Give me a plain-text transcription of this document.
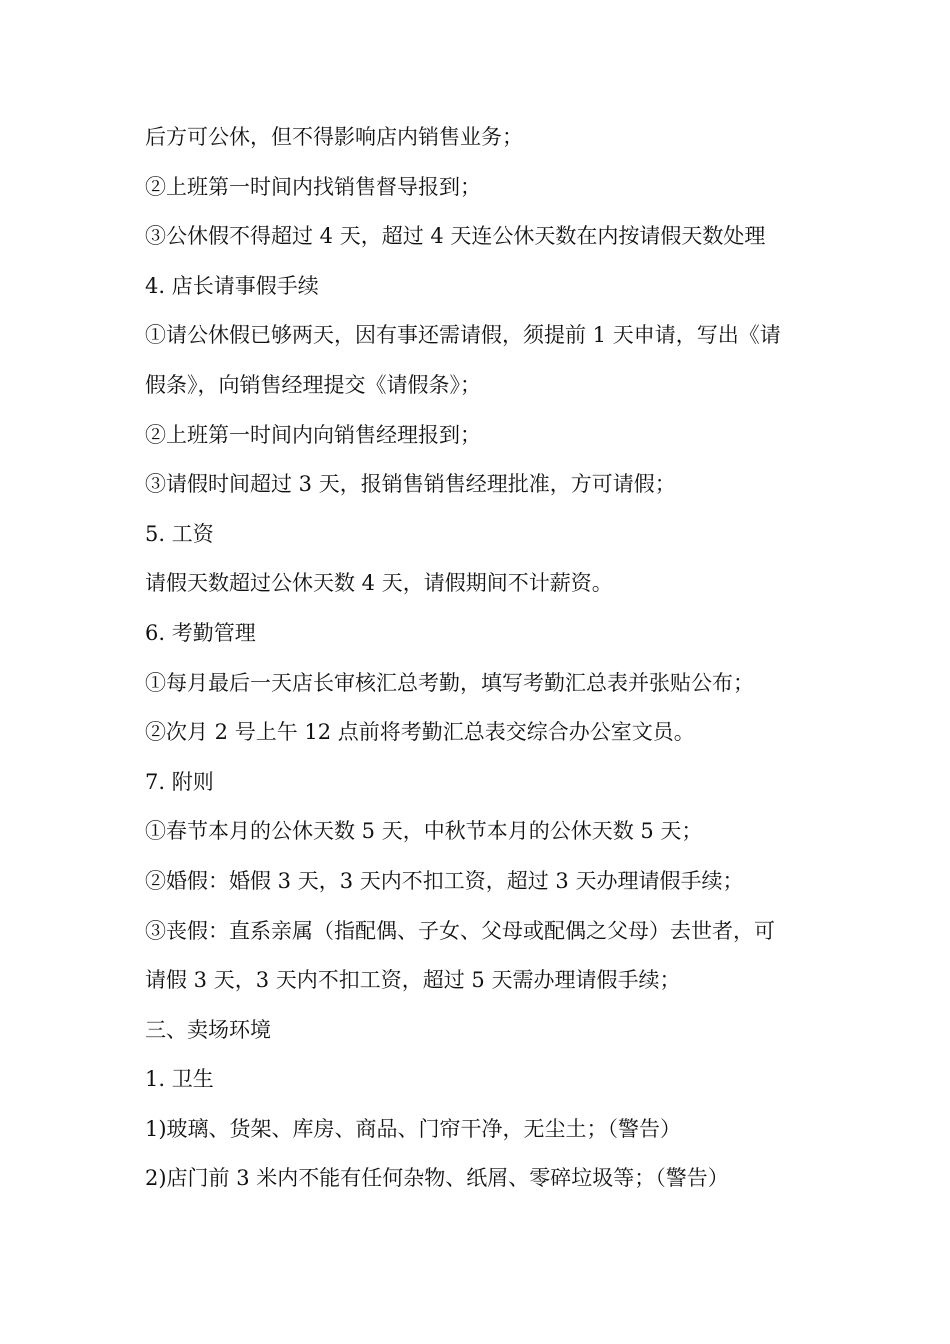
后方可公休，但不得影响店内销售业务；
②上班第一时间内找销售督导报到；
③公休假不得超过 4 天，超过 4 天连公休天数在内按请假天数处理
4. 店长请事假手续
①请公休假已够两天，因有事还需请假，须提前 1 天申请，写出《请
假条》，向销售经理提交《请假条》；
②上班第一时间内向销售经理报到；
③请假时间超过 3 天，报销售销售经理批准，方可请假；
5. 工资
请假天数超过公休天数 4 天，请假期间不计薪资。
6. 考勤管理
①每月最后一天店长审核汇总考勤，填写考勤汇总表并张贴公布；
②次月 2 号上午 12 点前将考勤汇总表交综合办公室文员。
7. 附则
①春节本月的公休天数 5 天，中秋节本月的公休天数 5 天；
②婚假：婚假 3 天，3 天内不扣工资，超过 3 天办理请假手续；
③丧假：直系亲属（指配偶、子女、父母或配偶之父母）去世者，可
请假 3 天，3 天内不扣工资，超过 5 天需办理请假手续；
三、卖场环境
1. 卫生
1)玻璃、货架、库房、商品、门帘干净，无尘土；（警告）
2)店门前 3 米内不能有任何杂物、纸屑、零碎垃圾等；（警告）
